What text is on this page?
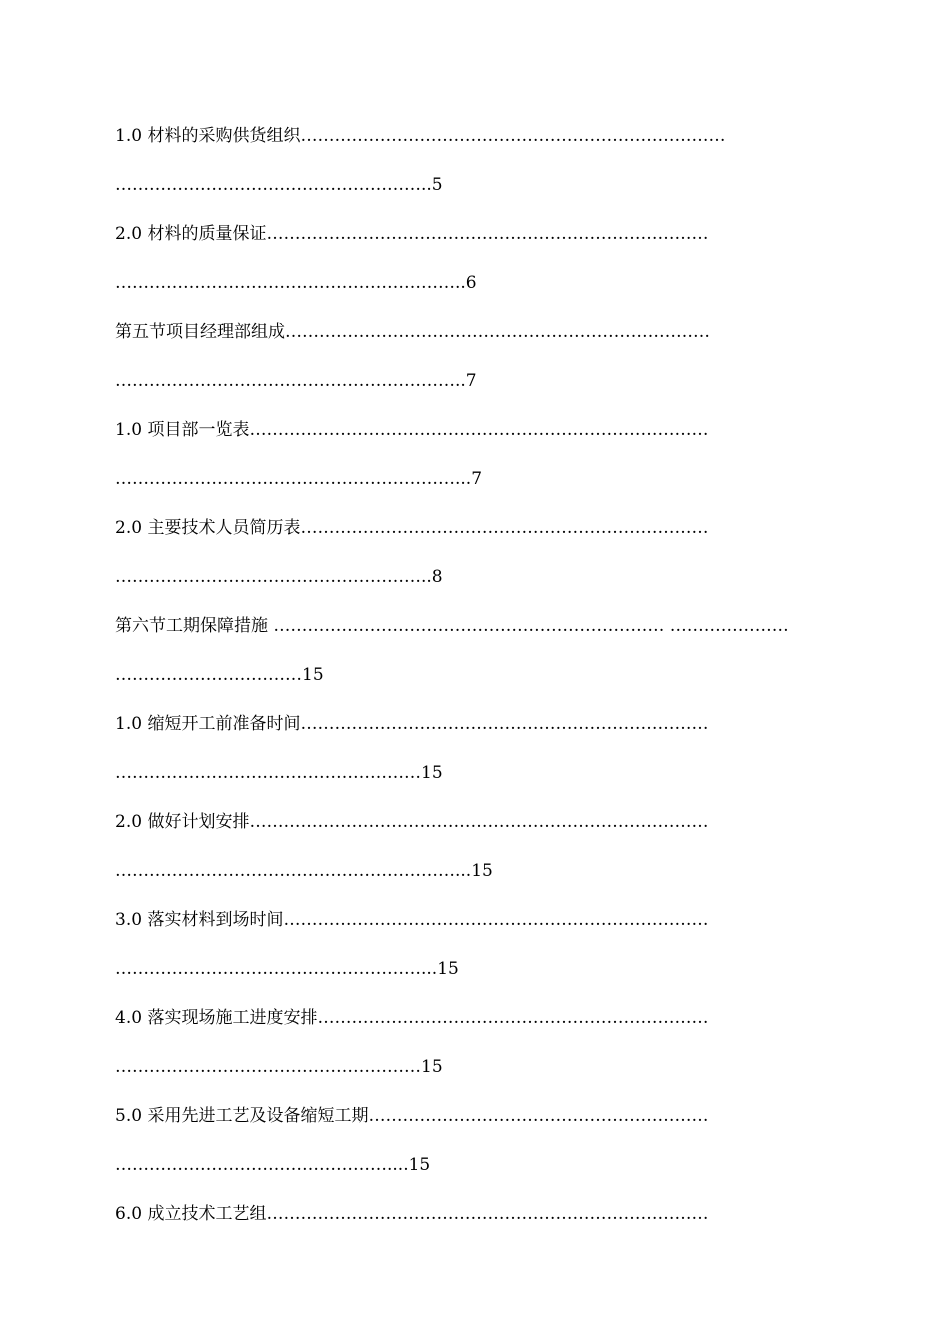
1.0 材料的采购供货组织…………………………………………………………………
………………………………………………..5
2.0 材料的质量保证……………………………………………………………………
……………………………………………………..6
第五节项目经理部组成…………………………………………………………………
……………………………………………………..7
1.0 项目部一览表………………………………………………………………………
……………………………………………………...7
2.0 主要技术人员简历表………………………………………………………………
………………………………………………..8
第六节工期保障措施 …………………………………………………………… …………………
……………………………15
1.0 缩短开工前准备时间………………………………………………………………
………………………………………………15
2.0 做好计划安排………………………………………………………………………
……………………………………………………...15
3.0 落实材料到场时间…………………………………………………………………
………………………………………………...15
4.0 落实现场施工进度安排……………………………………………………………
………………………………………………15
5.0 采用先进工艺及设备缩短工期……………………………………………………
…………………………………………....15
6.0 成立技术工艺组……………………………………………………………………
